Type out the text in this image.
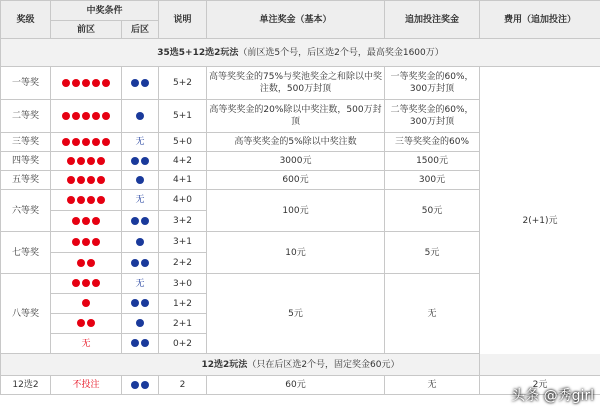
奖级	中奖条件		说明	单注奖金（基本）	追加投注奖金	费用（追加投注）
	前区	后区				
35选5+12选2玩法（前区选5个号，后区选2个号，最高奖金1600万）						
一等奖			5+2	高等奖奖金的75%与奖池奖金之和除以中奖注数，500万封顶	一等奖奖金的60%，300万封顶	2(+1)元
二等奖			5+1	高等奖奖金的20%除以中奖注数，500万封顶	二等奖奖金的60%，300万封顶	
三等奖		无	5+0	高等奖奖金的5%除以中奖注数	三等奖奖金的60%	
四等奖			4+2	3000元	1500元	
五等奖			4+1	600元	300元	
六等奖		无	4+0	100元	50元	
			3+2			
七等奖			3+1	10元	5元	
			2+2			
八等奖		无	3+0	5元	无	
			1+2			
			2+1			
	无		0+2			
12选2玩法（只在后区选2个号，固定奖金60元）						
12选2	不投注		2	60元	无	2元
头条 @秀girl
